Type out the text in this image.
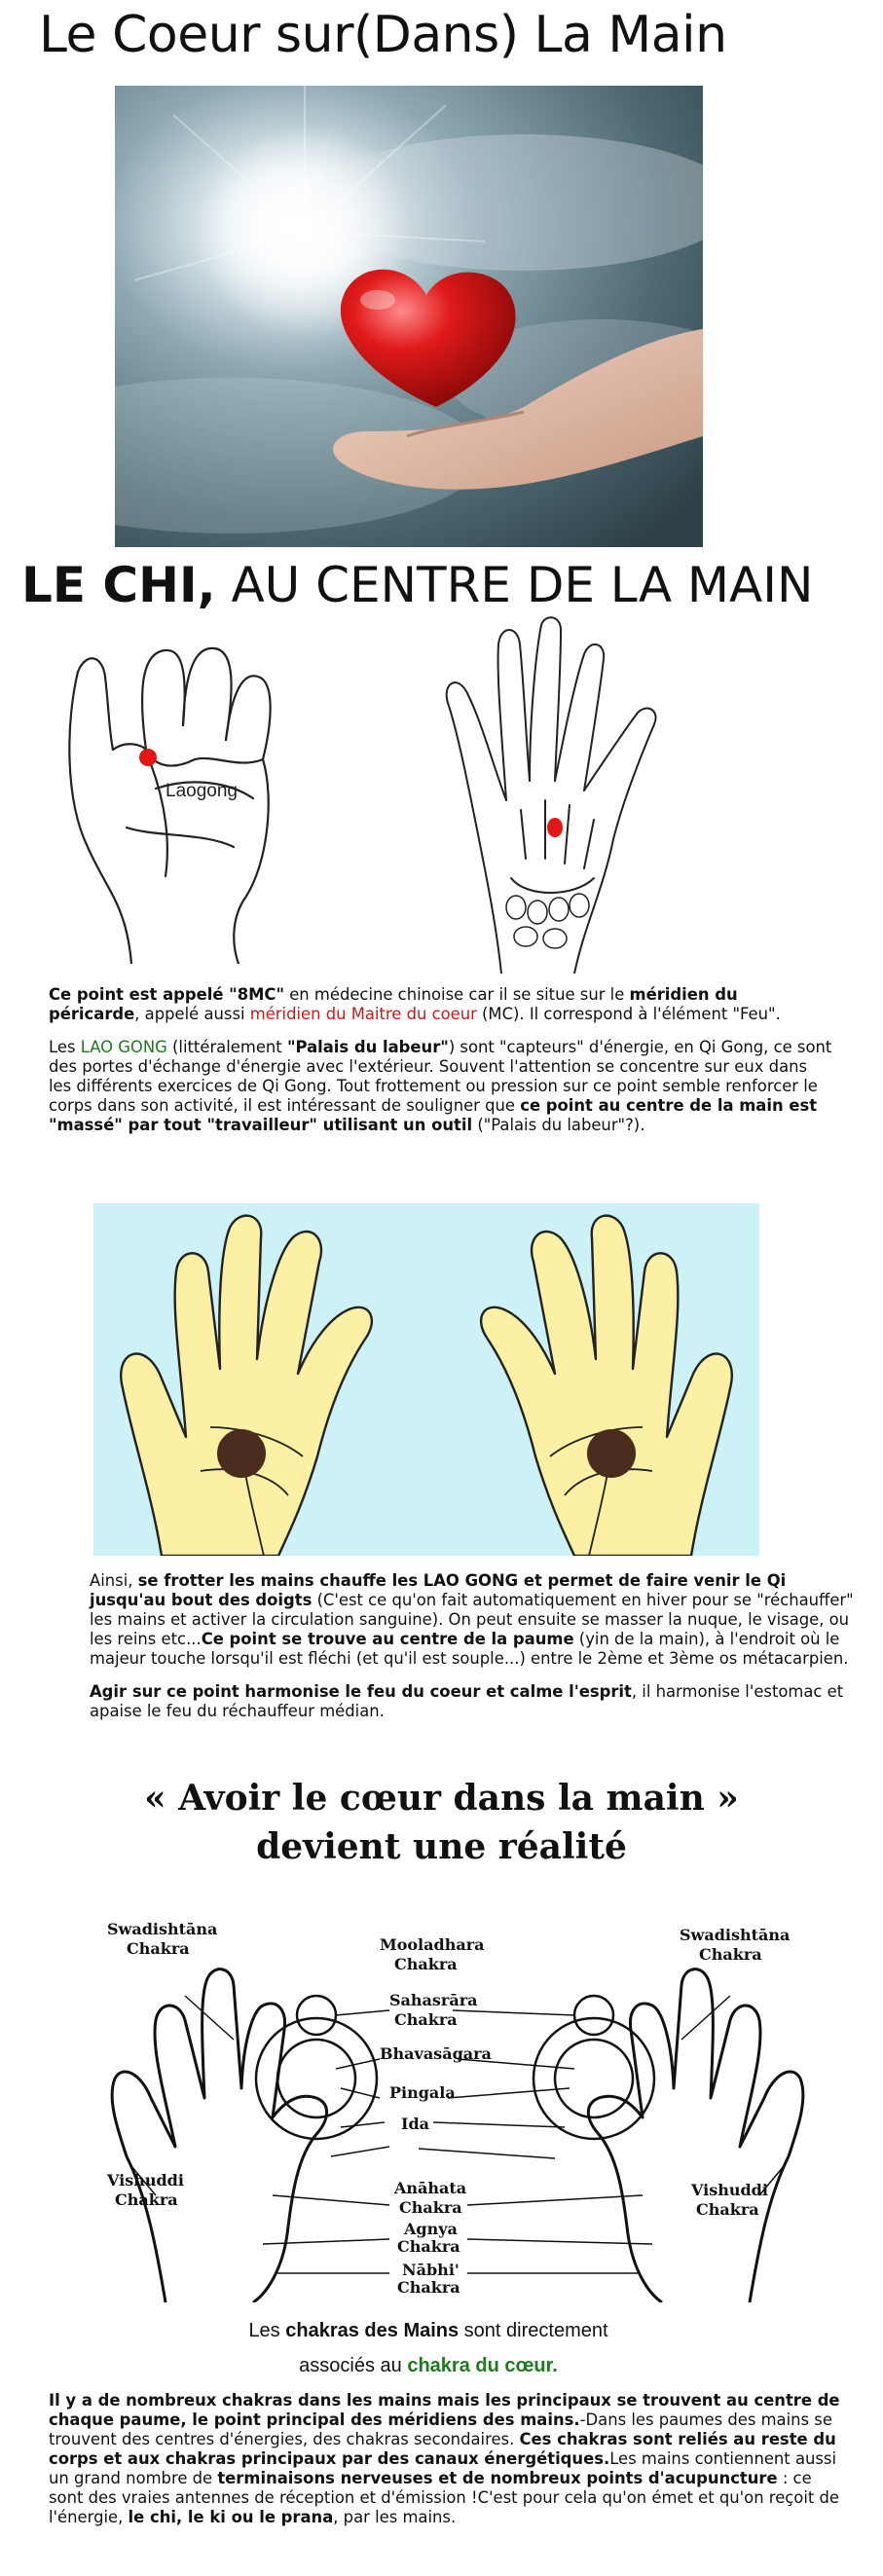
Le Coeur sur(Dans) La Main
LE CHI, AU CENTRE DE LA MAIN
Laogong

Ce point est appelé "8MC" en médecine chinoise car il se situe sur le méridien du péricarde, appelé aussi méridien du Maitre du coeur (MC). Il correspond à l'élément "Feu".

Les LAO GONG (littéralement "Palais du labeur") sont "capteurs" d'énergie, en Qi Gong, ce sont des portes d'échange d'énergie avec l'extérieur. Souvent l'attention se concentre sur eux dans les différents exercices de Qi Gong. Tout frottement ou pression sur ce point semble renforcer le corps dans son activité, il est intéressant de souligner que ce point au centre de la main est "massé" par tout "travailleur" utilisant un outil ("Palais du labeur"?).

Ainsi, se frotter les mains chauffe les LAO GONG et permet de faire venir le Qi jusqu'au bout des doigts (C'est ce qu'on fait automatiquement en hiver pour se "réchauffer" les mains et activer la circulation sanguine). On peut ensuite se masser la nuque, le visage, ou les reins etc...Ce point se trouve au centre de la paume (yin de la main), à l'endroit où le majeur touche lorsqu'il est fléchi (et qu'il est souple...) entre le 2ème et 3ème os métacarpien.

Agir sur ce point harmonise le feu du coeur et calme l'esprit, il harmonise l'estomac et apaise le feu du réchauffeur médian.

« Avoir le cœur dans la main »
devient une réalité
Swadishtāna
Chakra
Swadishtāna
Chakra
Mooladhara
Chakra
Sahasrāra
Chakra
Bhavasāgara
Pingala
Ida
Vishuddi
Chakra
Vishuddi
Chakra
Anāhata
Chakra
Agnya
Chakra
Nābhi'
Chakra
Les chakras des Mains sont directement
associés au chakra du cœur.

Il y a de nombreux chakras dans les mains mais les principaux se trouvent au centre de chaque paume, le point principal des méridiens des mains.-Dans les paumes des mains se trouvent des centres d'énergies, des chakras secondaires. Ces chakras sont reliés au reste du corps et aux chakras principaux par des canaux énergétiques.Les mains contiennent aussi un grand nombre de terminaisons nerveuses et de nombreux points d'acupuncture : ce sont des vraies antennes de réception et d'émission !C'est pour cela qu'on émet et qu'on reçoit de l'énergie, le chi, le ki ou le prana, par les mains.
